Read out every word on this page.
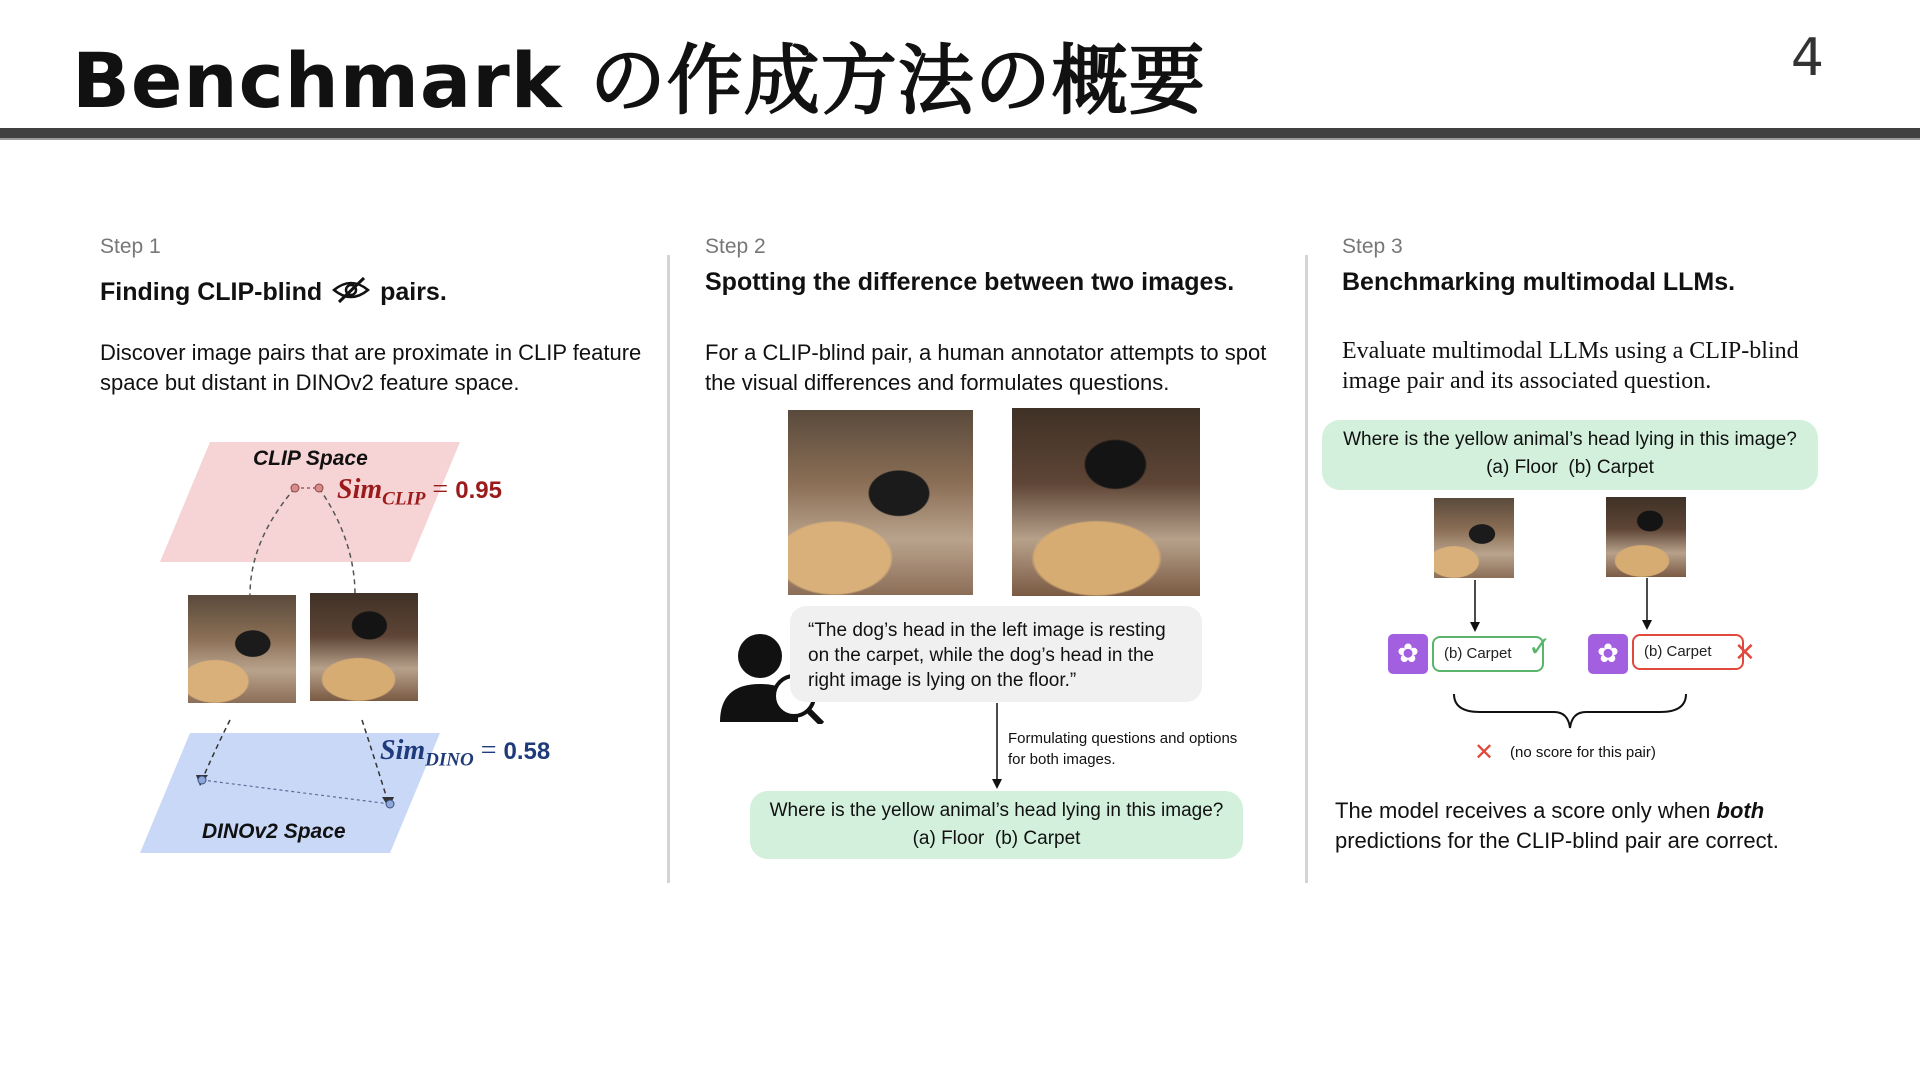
Benchmark の作成方法の概要	4
Step 1
Finding CLIP-blind pairs.
Discover image pairs that are proximate in CLIP feature space but distant in DINOv2 feature space.
CLIP Space
DINOv2 Space
Sim$_{CLIP}$ = 0.95
Sim$_{DINO}$ = 0.58
Step 2
Spotting the difference between two images.
For a CLIP-blind pair, a human annotator attempts to spot the visual differences and formulates questions.
“The dog’s head in the left image is resting on the carpet, while the dog’s head in the right image is lying on the floor.”
Formulating questions and options for both images.
Where is the yellow animal’s head lying in this image?
(a) Floor  (b) Carpet
Step 3
Benchmarking multimodal LLMs.
Evaluate multimodal LLMs using a CLIP-blind image pair and its associated question.
Where is the yellow animal’s head lying in this image?
(a) Floor  (b) Carpet
✿	(b) Carpet ✓	✿	(b) Carpet ✕
✕ (no score for this pair)
The model receives a score only when both predictions for the CLIP-blind pair are correct.
